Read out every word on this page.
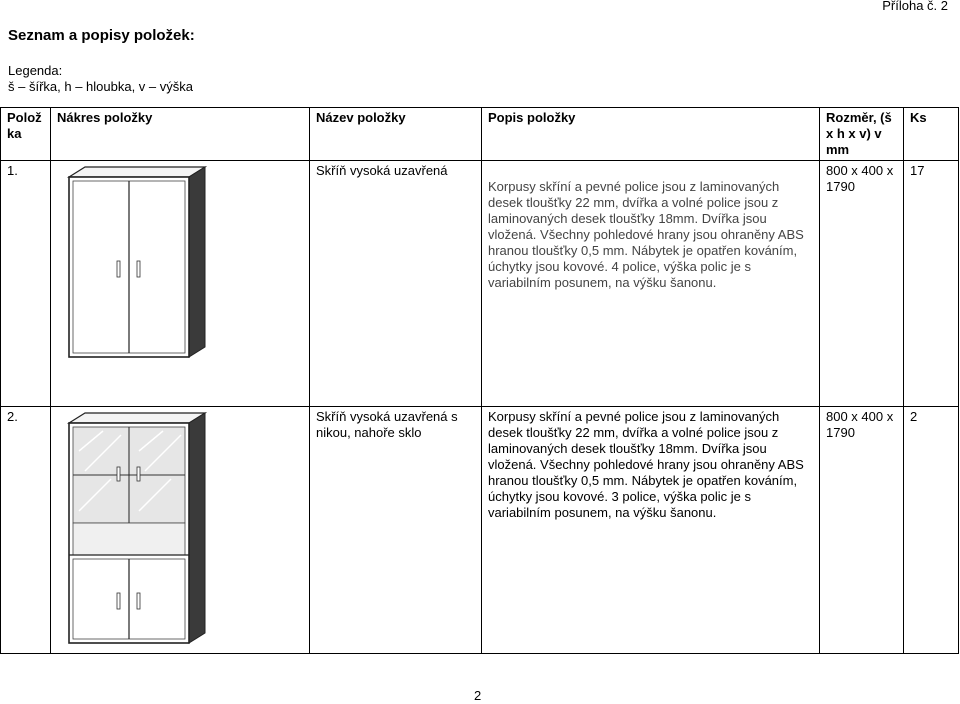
Příloha č. 2
Seznam a popisy položek:
Legenda:
š – šířka, h – hloubka, v – výška
Polož ka	Nákres položky	Název položky	Popis položky	Rozměr, (š x h x v) v mm	Ks
1.		Skříň vysoká uzavřená	Korpusy skříní a pevné police jsou z laminovaných desek tloušťky 22 mm, dvířka a volné police jsou z laminovaných desek tloušťky 18mm. Dvířka jsou vložená. Všechny pohledové hrany jsou ohraněny ABS hranou tloušťky 0,5 mm. Nábytek je opatřen kováním, úchytky jsou kovové. 4 police, výška polic je s variabilním posunem, na výšku šanonu.	800 x 400 x 1790	17
2.		Skříň vysoká uzavřená s nikou, nahoře sklo	Korpusy skříní a pevné police jsou z laminovaných desek tloušťky 22 mm, dvířka a volné police jsou z laminovaných desek tloušťky 18mm. Dvířka jsou vložená. Všechny pohledové hrany jsou ohraněny ABS hranou tloušťky 0,5 mm. Nábytek je opatřen kováním, úchytky jsou kovové. 3 police, výška polic je s variabilním posunem, na výšku šanonu.	800 x 400 x 1790	2
2
